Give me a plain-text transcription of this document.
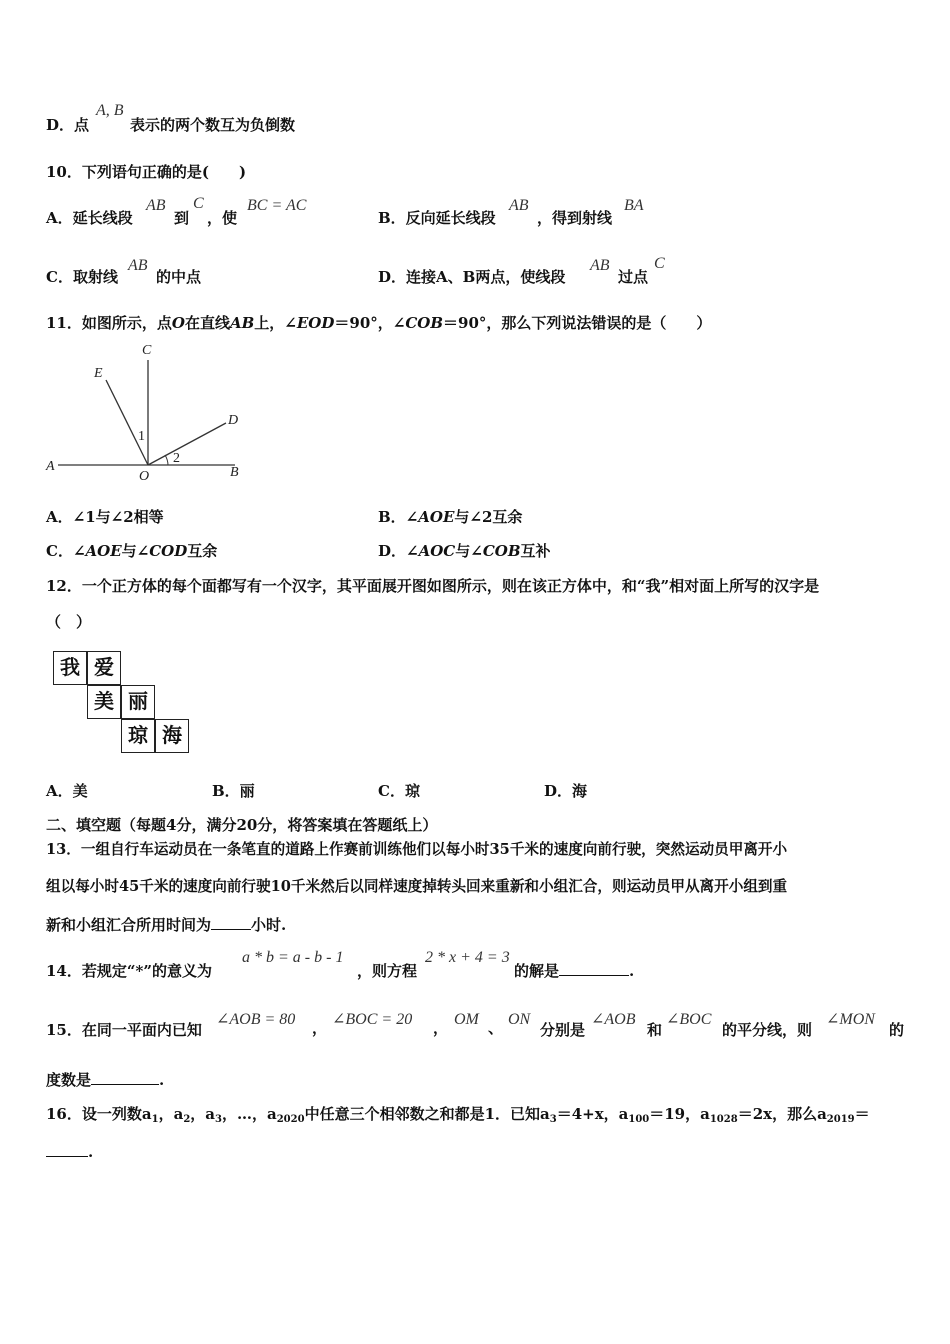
D．点
A, B
表示的两个数互为负倒数
10．下列语句正确的是(　　)
A．延长线段
AB
到
C
，使
BC = AC
B．反向延长线段
AB
，得到射线
BA
C．取射线
AB
的中点	D．连接A、B两点，使线段
AB
过点
C
11．如图所示，点O在直线AB上，∠EOD＝90°，∠COB＝90°，那么下列说法错误的是（　　）
C
E
D
A
O	B
1
2
A．∠1与∠2相等	B．∠AOE与∠2互余
C．∠AOE与∠COD互余	D．∠AOC与∠COB互补
12．一个正方体的每个面都写有一个汉字，其平面展开图如图所示，则在该正方体中，和“我”相对面上所写的汉字是
（　）
我 爱
美 丽
琼 海
A．美	B．丽	C．琼	D．海
二、填空题（每题4分，满分20分，将答案填在答题纸上）
13．一组自行车运动员在一条笔直的道路上作赛前训练他们以每小时35千米的速度向前行驶，突然运动员甲离开小
组以每小时45千米的速度向前行驶10千米然后以同样速度掉转头回来重新和小组汇合，则运动员甲从离开小组到重
新和小组汇合所用时间为	小时.
14．若规定“*”的意义为
a * b = a - b - 1
，则方程
2 * x + 4 = 3
的解是	.
15．在同一平面内已知
∠AOB = 80 ， ∠BOC = 20 ， OM 、 ON
分别是
∠AOB
和
∠BOC
的平分线，则
∠MON
的
度数是	.
16．设一列数$a_1$，$a_2$，$a_3$，…，$a_{2020}$中任意三个相邻数之和都是1．已知$a_3=4+x$，$a_{100}=19$，$a_{1028}=2x$，那么$a_{2019}=$
.
